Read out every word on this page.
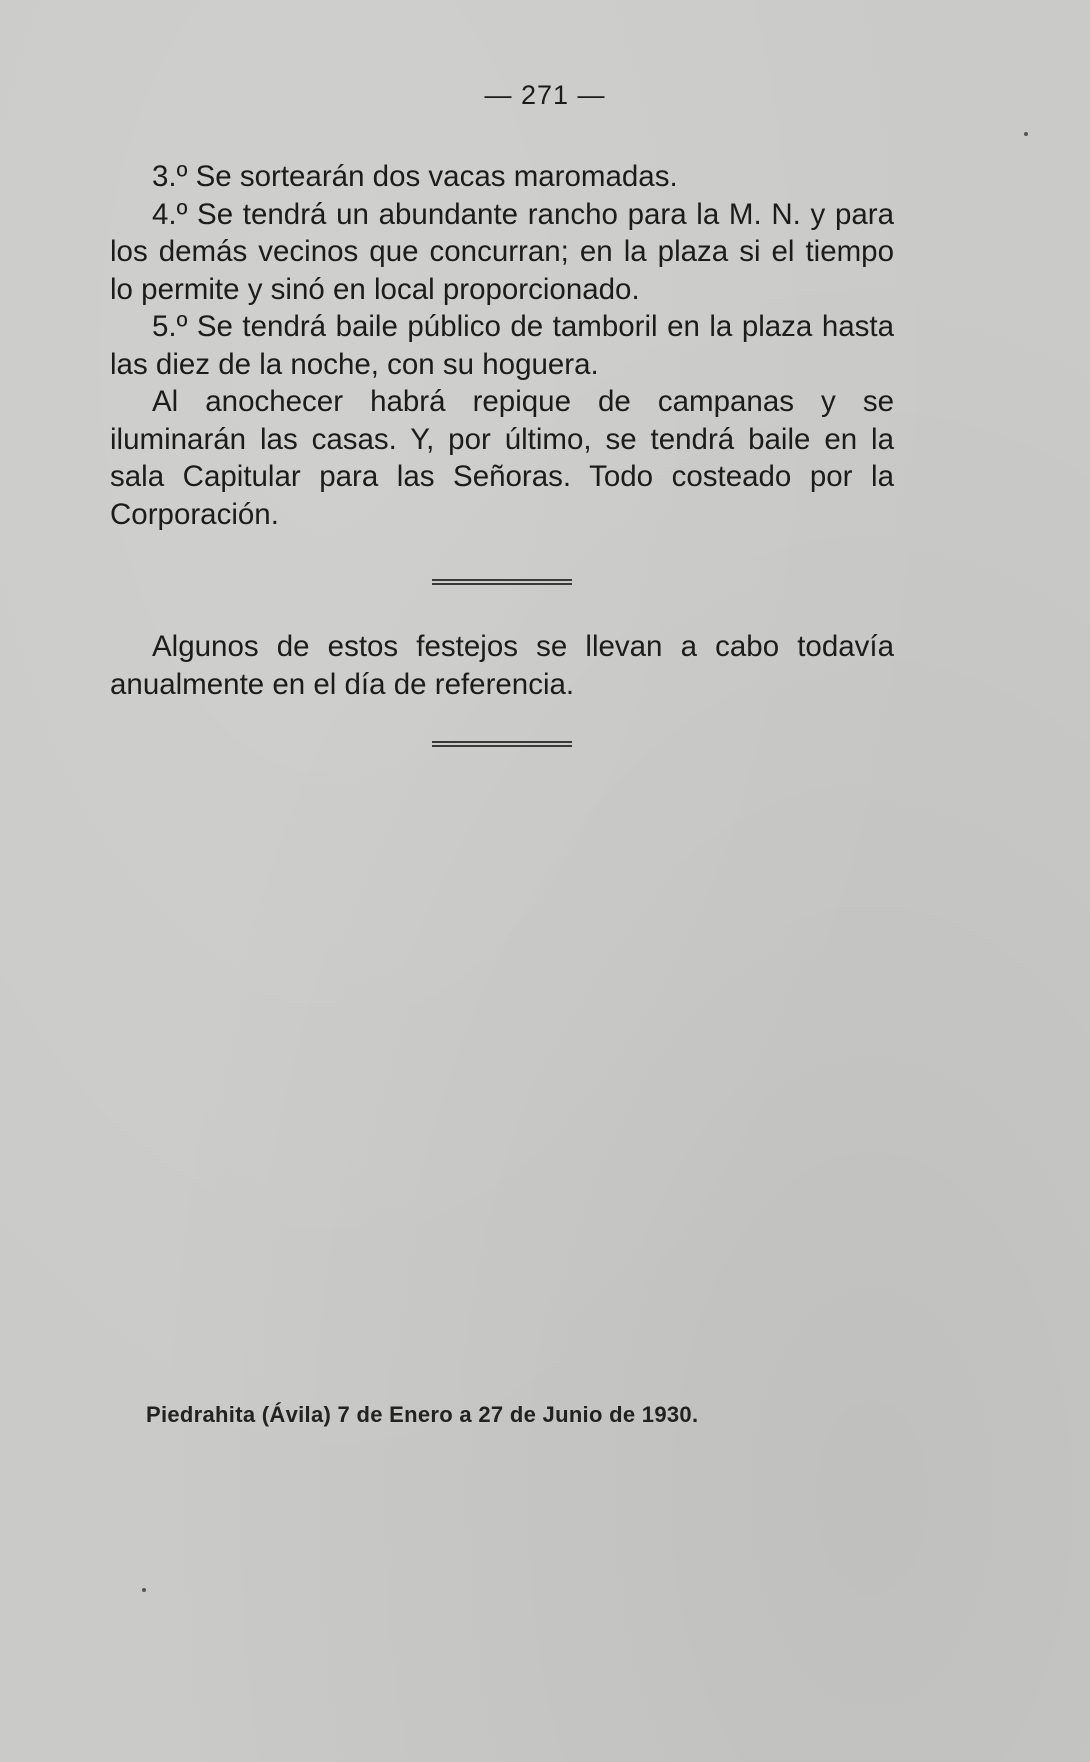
— 271 —

3.º Se sortearán dos vacas maromadas.

4.º Se tendrá un abundante rancho para la M. N. y para los demás vecinos que concurran; en la plaza si el tiempo lo permite y sinó en local proporcionado.

5.º Se tendrá baile público de tamboril en la plaza hasta las diez de la noche, con su hoguera.

Al anochecer habrá repique de campanas y se iluminarán las casas. Y, por último, se tendrá baile en la sala Capitular para las Señoras. Todo costeado por la Corporación.

Algunos de estos festejos se llevan a cabo todavía anualmente en el día de referencia.

Piedrahita (Ávila) 7 de Enero a 27 de Junio de 1930.
